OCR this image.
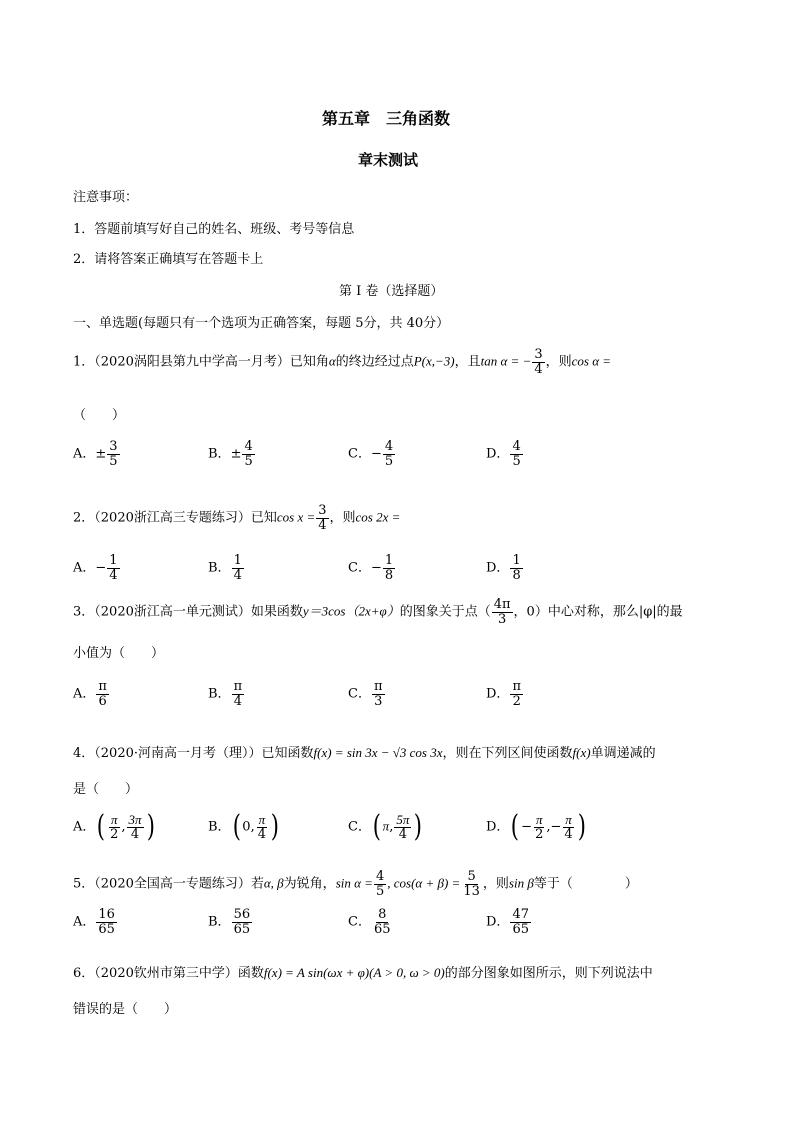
第五章　三角函数
章末测试
注意事项：
1．答题前填写好自己的姓名、班级、考号等信息
2．请将答案正确填写在答题卡上
第 I 卷（选择题）
一、单选题(每题只有一个选项为正确答案，每题 5分，共 40分）
1．（2020涡阳县第九中学高一月考）已知角α的终边经过点P(x,−3)，且tan α = − $\frac{3}{4}$ ，则cos α =
（　　）
A．± $\frac{3}{5}$	B．± $\frac{4}{5}$	C．− $\frac{4}{5}$	D． $\frac{4}{5}$
2．（2020浙江高三专题练习）已知$\cos x = \frac{3}{4}$ ，则cos 2x =
A．− $\frac{1}{4}$	B． $\frac{1}{4}$	C．− $\frac{1}{8}$	D． $\frac{1}{8}$
3．（2020浙江高一单元测试）如果函数y＝3cos（2x+φ）的图象关于点（ $\frac{4\pi}{3}$ ，0）中心对称，那么|φ|的最
小值为（　　）
A． $\frac{\pi}{6}$	B． $\frac{\pi}{4}$	C． $\frac{\pi}{3}$	D． $\frac{\pi}{2}$
4．（2020·河南高一月考（理））已知函数f(x) = sin 3x − √3 cos 3x，则在下列区间使函数f(x)单调递减的
是（　　）
A．( $\frac{\pi}{2}$ , $\frac{3\pi}{4}$ )	B．( 0, $\frac{\pi}{4}$ )	C．( π, $\frac{5\pi}{4}$ )	D．( − $\frac{\pi}{2}$ ,− $\frac{\pi}{4}$ )
5．（2020全国高一专题练习）若α, β为锐角，$\sin \alpha = \frac{4}{5}$ , $\cos(\alpha + \beta) = \frac{5}{13}$ ，则sin β等于（　　　　）
A． $\frac{16}{65}$	B． $\frac{56}{65}$	C． $\frac{8}{65}$	D． $\frac{47}{65}$
6．（2020钦州市第三中学）函数f(x) = A sin(ωx + φ)(A > 0, ω > 0)的部分图象如图所示，则下列说法中
错误的是（　　）
